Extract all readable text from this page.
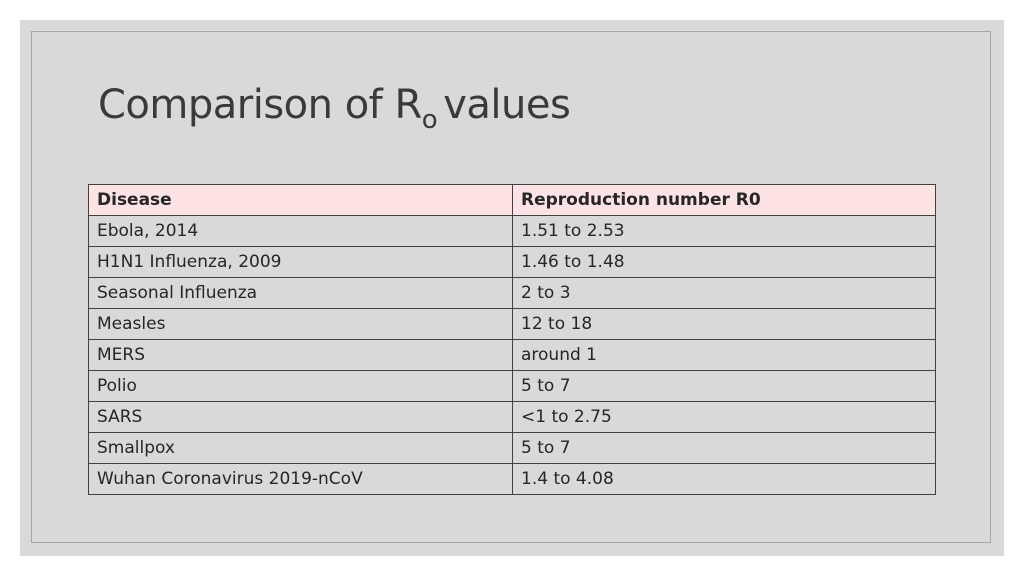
Comparison of $R_o$ values
Disease	Reproduction number R0
Ebola, 2014	1.51 to 2.53
H1N1 Influenza, 2009	1.46 to 1.48
Seasonal Influenza	2 to 3
Measles	12 to 18
MERS	around 1
Polio	5 to 7
SARS	<1 to 2.75
Smallpox	5 to 7
Wuhan Coronavirus 2019-nCoV	1.4 to 4.08
